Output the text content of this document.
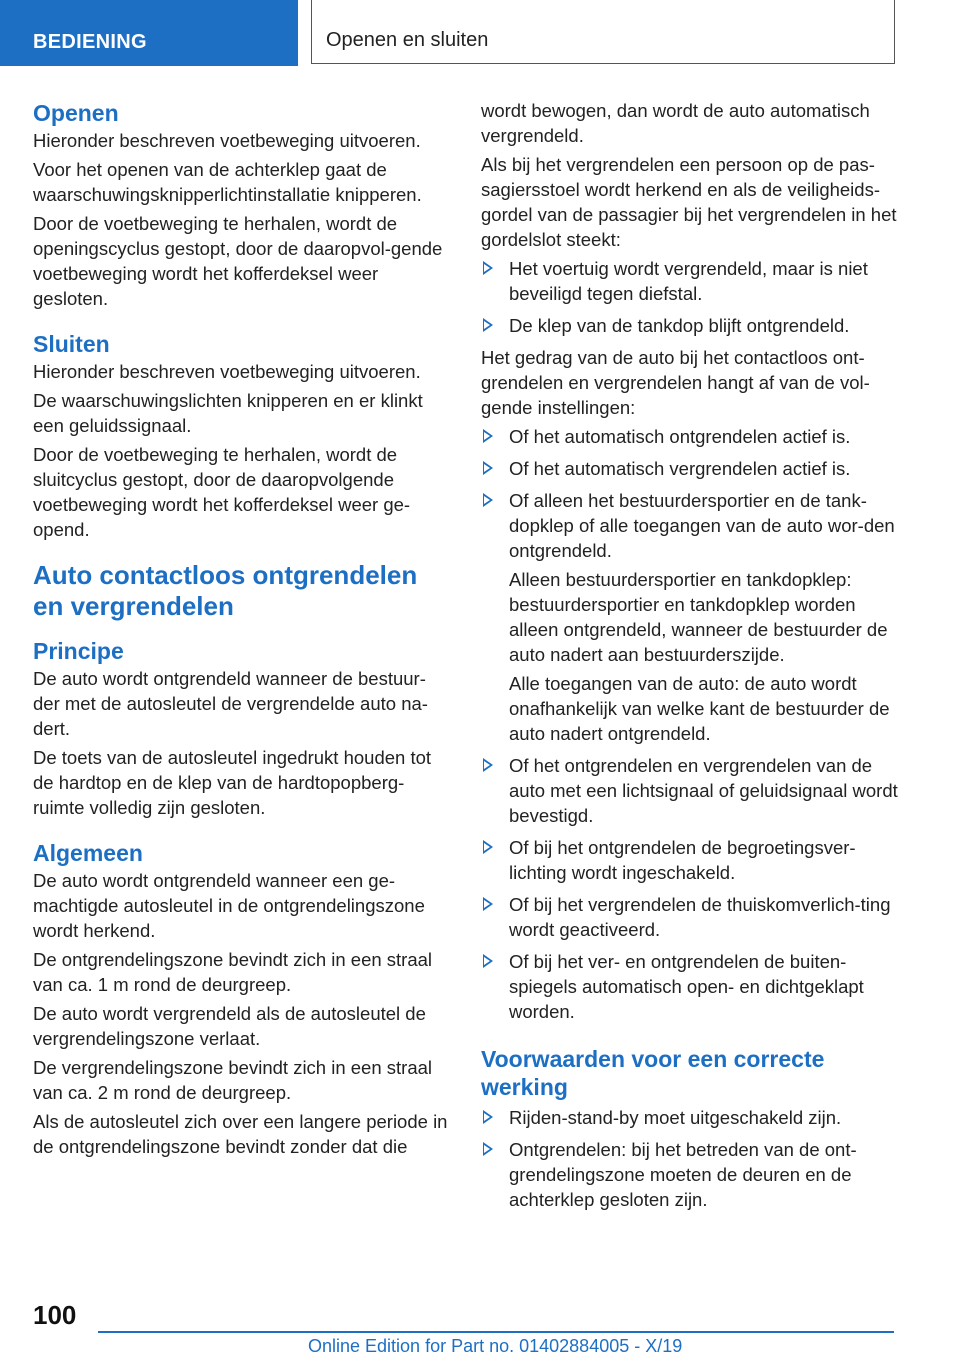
BEDIENING	Openen en sluiten
Openen

Hieronder beschreven voetbeweging uitvoeren.

Voor het openen van de achterklep gaat de waarschuwingsknipperlichtinstallatie knipperen.

Door de voetbeweging te herhalen, wordt de openingscyclus gestopt, door de daaropvol-gende voetbeweging wordt het kofferdeksel weer gesloten.

Sluiten

Hieronder beschreven voetbeweging uitvoeren.

De waarschuwingslichten knipperen en er klinkt een geluidssignaal.

Door de voetbeweging te herhalen, wordt de sluitcyclus gestopt, door de daaropvolgende voetbeweging wordt het kofferdeksel weer ge-opend.

Auto contactloos ontgrendelen en vergrendelen
Principe

De auto wordt ontgrendeld wanneer de bestuur-der met de autosleutel de vergrendelde auto na-dert.

De toets van de autosleutel ingedrukt houden tot de hardtop en de klep van de hardtopopberg-ruimte volledig zijn gesloten.

Algemeen

De auto wordt ontgrendeld wanneer een ge-machtigde autosleutel in de ontgrendelingszone wordt herkend.

De ontgrendelingszone bevindt zich in een straal van ca. 1 m rond de deurgreep.

De auto wordt vergrendeld als de autosleutel de vergrendelingszone verlaat.

De vergrendelingszone bevindt zich in een straal van ca. 2 m rond de deurgreep.

Als de autosleutel zich over een langere periode in de ontgrendelingszone bevindt zonder dat die

wordt bewogen, dan wordt de auto automatisch vergrendeld.

Als bij het vergrendelen een persoon op de pas-sagiersstoel wordt herkend en als de veiligheids-gordel van de passagier bij het vergrendelen in het gordelslot steekt:

Het voertuig wordt vergrendeld, maar is niet beveiligd tegen diefstal.
De klep van de tankdop blijft ontgrendeld.

Het gedrag van de auto bij het contactloos ont-grendelen en vergrendelen hangt af van de vol-gende instellingen:

Of het automatisch ontgrendelen actief is.
Of het automatisch vergrendelen actief is.

Of alleen het bestuurdersportier en de tank-dopklep of alle toegangen van de auto wor-den ontgrendeld.

Alleen bestuurdersportier en tankdopklep: bestuurdersportier en tankdopklep worden alleen ontgrendeld, wanneer de bestuurder de auto nadert aan bestuurderszijde.

Alle toegangen van de auto: de auto wordt onafhankelijk van welke kant de bestuurder de auto nadert ontgrendeld.

Of het ontgrendelen en vergrendelen van de auto met een lichtsignaal of geluidsignaal wordt bevestigd.
Of bij het ontgrendelen de begroetingsver-lichting wordt ingeschakeld.
Of bij het vergrendelen de thuiskomverlich-ting wordt geactiveerd.
Of bij het ver- en ontgrendelen de buiten-spiegels automatisch open- en dichtgeklapt worden.
Voorwaarden voor een correcte werking
Rijden-stand-by moet uitgeschakeld zijn.
Ontgrendelen: bij het betreden van de ont-grendelingszone moeten de deuren en de achterklep gesloten zijn.
100
Online Edition for Part no. 01402884005 - X/19
